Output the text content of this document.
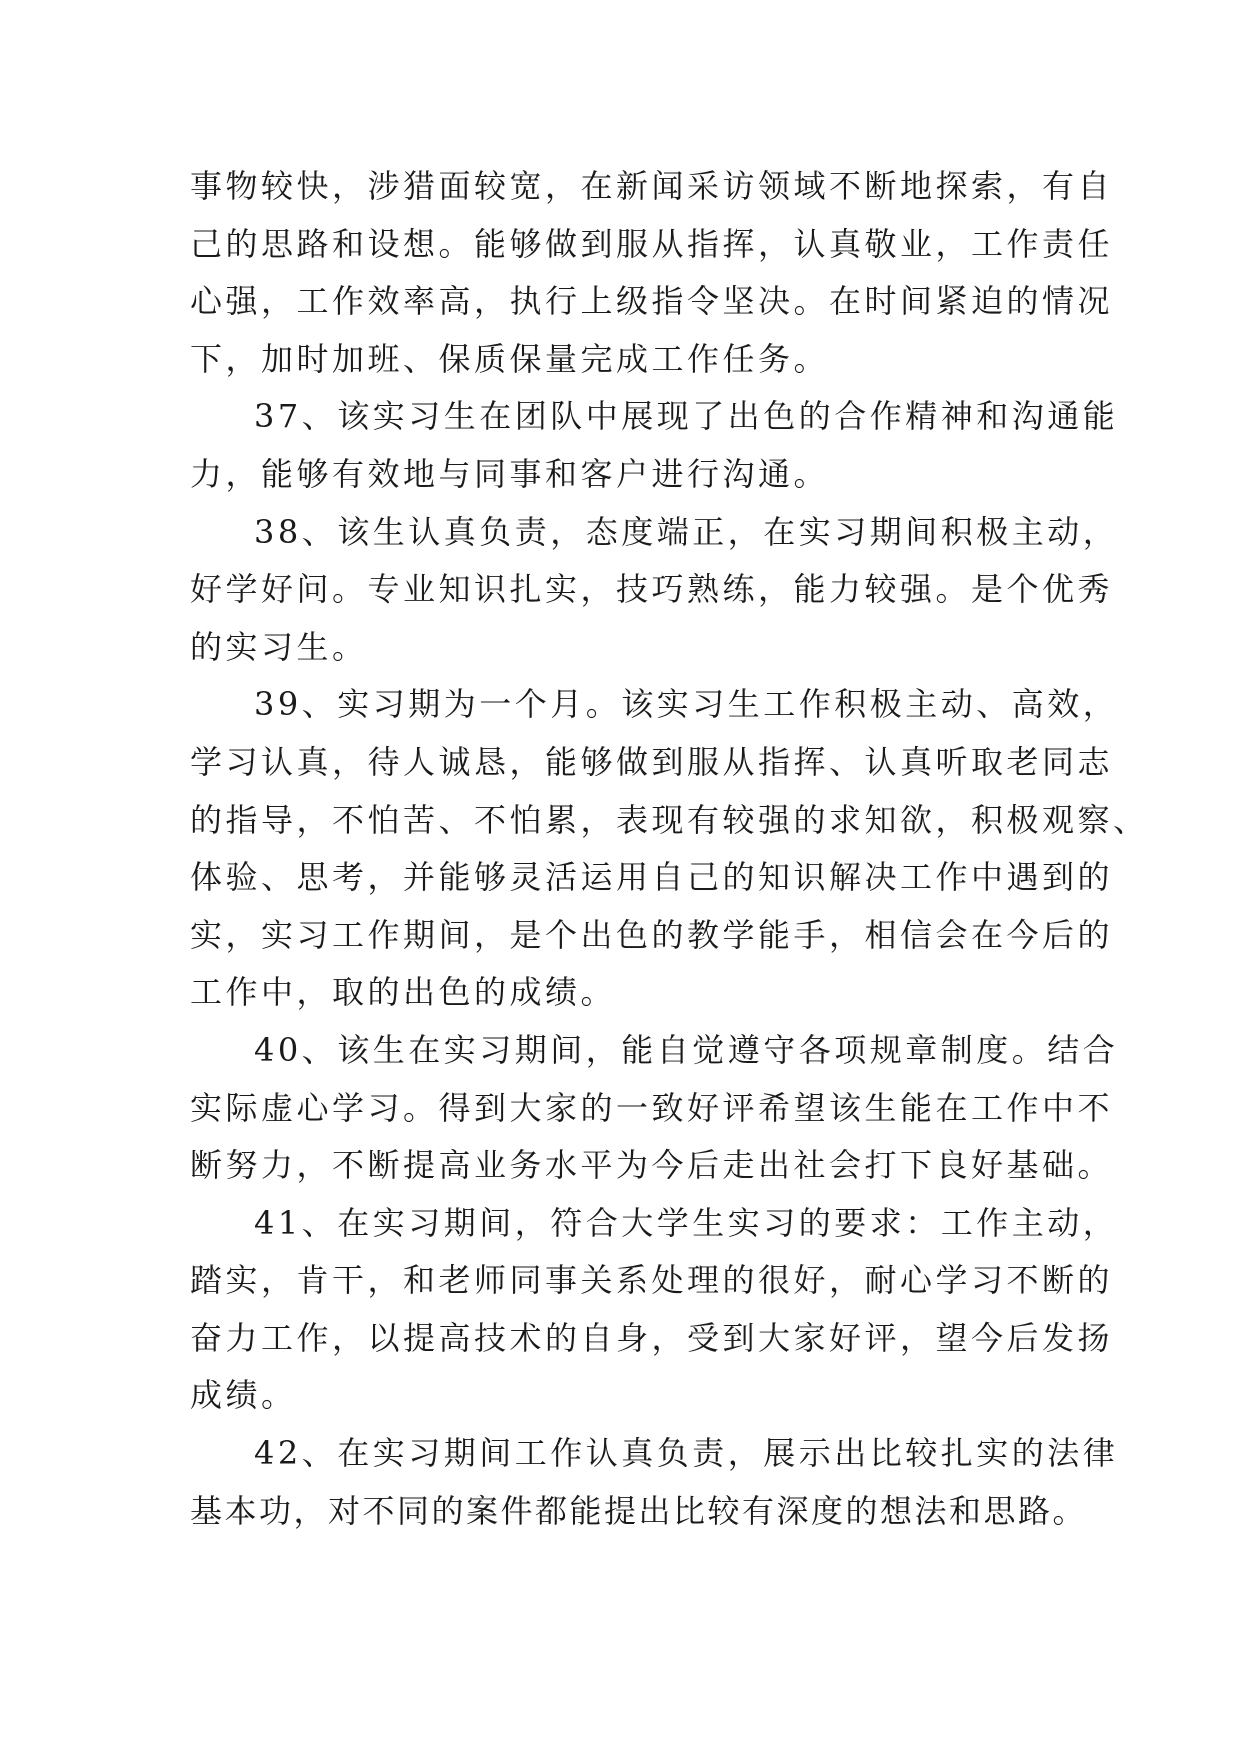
事物较快，涉猎面较宽，在新闻采访领域不断地探索，有自
己的思路和设想。能够做到服从指挥，认真敬业，工作责任
心强，工作效率高，执行上级指令坚决。在时间紧迫的情况
下，加时加班、保质保量完成工作任务。
37、该实习生在团队中展现了出色的合作精神和沟通能
力，能够有效地与同事和客户进行沟通。
38、该生认真负责，态度端正，在实习期间积极主动，
好学好问。专业知识扎实，技巧熟练，能力较强。是个优秀
的实习生。
39、实习期为一个月。该实习生工作积极主动、高效，
学习认真，待人诚恳，能够做到服从指挥、认真听取老同志
的指导，不怕苦、不怕累，表现有较强的求知欲，积极观察、
体验、思考，并能够灵活运用自己的知识解决工作中遇到的
实，实习工作期间，是个出色的教学能手，相信会在今后的
工作中，取的出色的成绩。
40、该生在实习期间，能自觉遵守各项规章制度。结合
实际虚心学习。得到大家的一致好评希望该生能在工作中不
断努力，不断提高业务水平为今后走出社会打下良好基础。
41、在实习期间，符合大学生实习的要求：工作主动，
踏实，肯干，和老师同事关系处理的很好，耐心学习不断的
奋力工作，以提高技术的自身，受到大家好评，望今后发扬
成绩。
42、在实习期间工作认真负责，展示出比较扎实的法律
基本功，对不同的案件都能提出比较有深度的想法和思路。
